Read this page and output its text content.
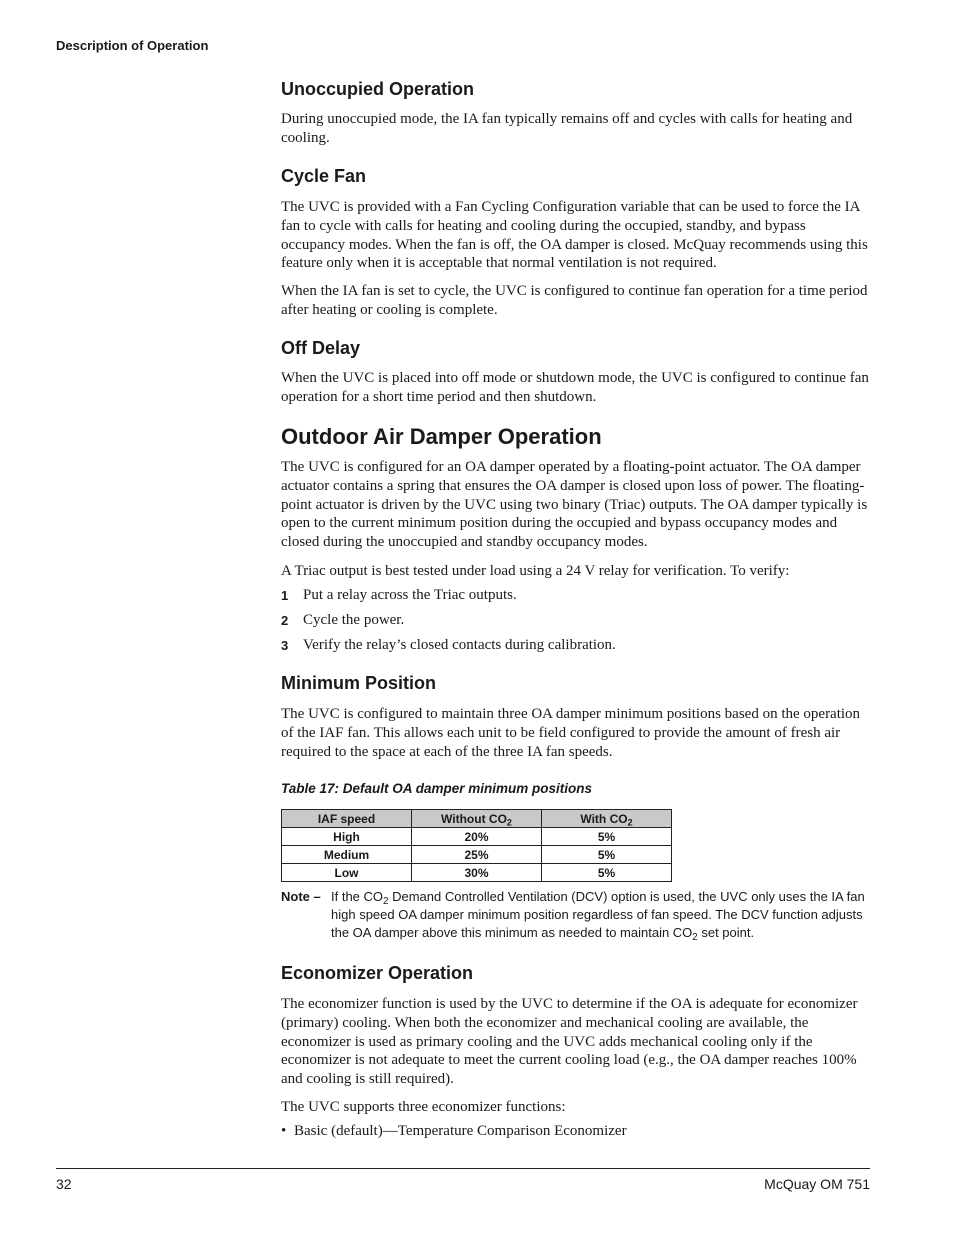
Description of Operation
Unoccupied Operation

During unoccupied mode, the IA fan typically remains off and cycles with calls for heating and cooling.

Cycle Fan

The UVC is provided with a Fan Cycling Configuration variable that can be used to force the IA fan to cycle with calls for heating and cooling during the occupied, standby, and bypass occupancy modes. When the fan is off, the OA damper is closed. McQuay recommends using this feature only when it is acceptable that normal ventilation is not required.

When the IA fan is set to cycle, the UVC is configured to continue fan operation for a time period after heating or cooling is complete.

Off Delay

When the UVC is placed into off mode or shutdown mode, the UVC is configured to continue fan operation for a short time period and then shutdown.

Outdoor Air Damper Operation

The UVC is configured for an OA damper operated by a floating-point actuator. The OA damper actuator contains a spring that ensures the OA damper is closed upon loss of power. The floating-point actuator is driven by the UVC using two binary (Triac) outputs. The OA damper typically is open to the current minimum position during the occupied and bypass occupancy modes and closed during the unoccupied and standby occupancy modes.

A Triac output is best tested under load using a 24 V relay for verification. To verify:

1 Put a relay across the Triac outputs.
2 Cycle the power.
3 Verify the relay’s closed contacts during calibration.
Minimum Position

The UVC is configured to maintain three OA damper minimum positions based on the operation of the IAF fan. This allows each unit to be field configured to provide the amount of fresh air required to the space at each of the three IA fan speeds.

Table 17: Default OA damper minimum positions
IAF speed	Without $CO_2$	With $CO_2$
High	20%	5%
Medium	25%	5%
Low	30%	5%
Note – If the $CO_2$ Demand Controlled Ventilation (DCV) option is used, the UVC only uses the IA fan high speed OA damper minimum position regardless of fan speed. The DCV function adjusts the OA damper above this minimum as needed to maintain $CO_2$ set point.
Economizer Operation

The economizer function is used by the UVC to determine if the OA is adequate for economizer (primary) cooling. When both the economizer and mechanical cooling are available, the economizer is used as primary cooling and the UVC adds mechanical cooling only if the economizer is not adequate to meet the current cooling load (e.g., the OA damper reaches 100% and cooling is still required).

The UVC supports three economizer functions:

• Basic (default)—Temperature Comparison Economizer
32	McQuay OM 751
